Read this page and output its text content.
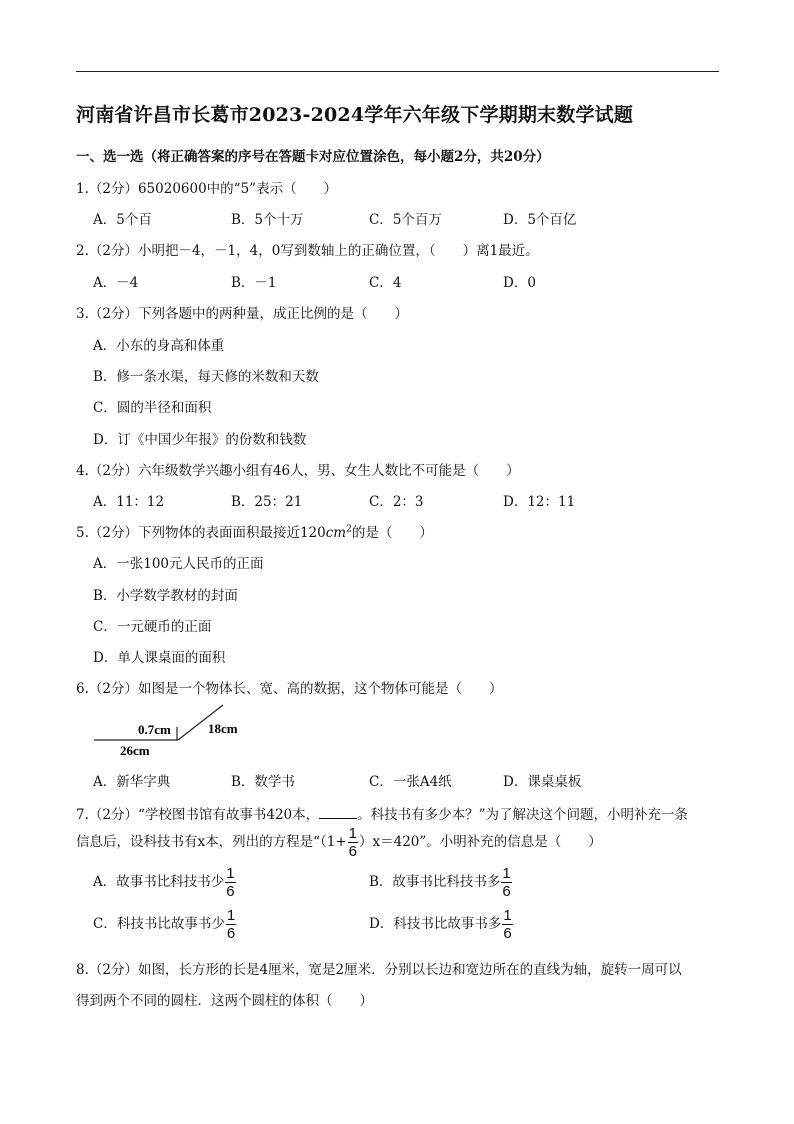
河南省许昌市长葛市2023-2024学年六年级下学期期末数学试题
一、选一选（将正确答案的序号在答题卡对应位置涂色，每小题2分，共20分）
1.（2分）65020600中的“5”表示（　　）
A．5个百	B．5个十万	C．5个百万	D．5个百亿
2.（2分）小明把－4，－1，4，0写到数轴上的正确位置，（　　）离1最近。
A．－4	B．－1	C．4	D．0
3.（2分）下列各题中的两种量，成正比例的是（　　）
A．小东的身高和体重
B．修一条水渠，每天修的米数和天数
C．圆的半径和面积
D．订《中国少年报》的份数和钱数
4.（2分）六年级数学兴趣小组有46人，男、女生人数比不可能是（　　）
A．11：12	B．25：21	C．2：3	D．12：11
5.（2分）下列物体的表面面积最接近$120cm^2$的是（　　）
A．一张100元人民币的正面
B．小学数学教材的封面
C．一元硬币的正面
D．单人课桌面的面积
6.（2分）如图是一个物体长、宽、高的数据，这个物体可能是（　　）
0.7cm	18cm
26cm
A．新华字典	B．数学书	C．一张A4纸	D．课桌桌板
7.（2分）“学校图书馆有故事书420本，	。科技书有多少本？”为了解决这个问题，小明补充一条
信息后，设科技书有x本，列出的方程是“$(1+ \frac{1}{6} )x=420$”。小明补充的信息是（　　）
A．故事书比科技书少 $\frac{1}{6}$	B．故事书比科技书多 $\frac{1}{6}$
C．科技书比故事书少 $\frac{1}{6}$	D．科技书比故事书多 $\frac{1}{6}$
8.（2分）如图，长方形的长是4厘米，宽是2厘米．分别以长边和宽边所在的直线为轴，旋转一周可以
得到两个不同的圆柱．这两个圆柱的体积（　　）
